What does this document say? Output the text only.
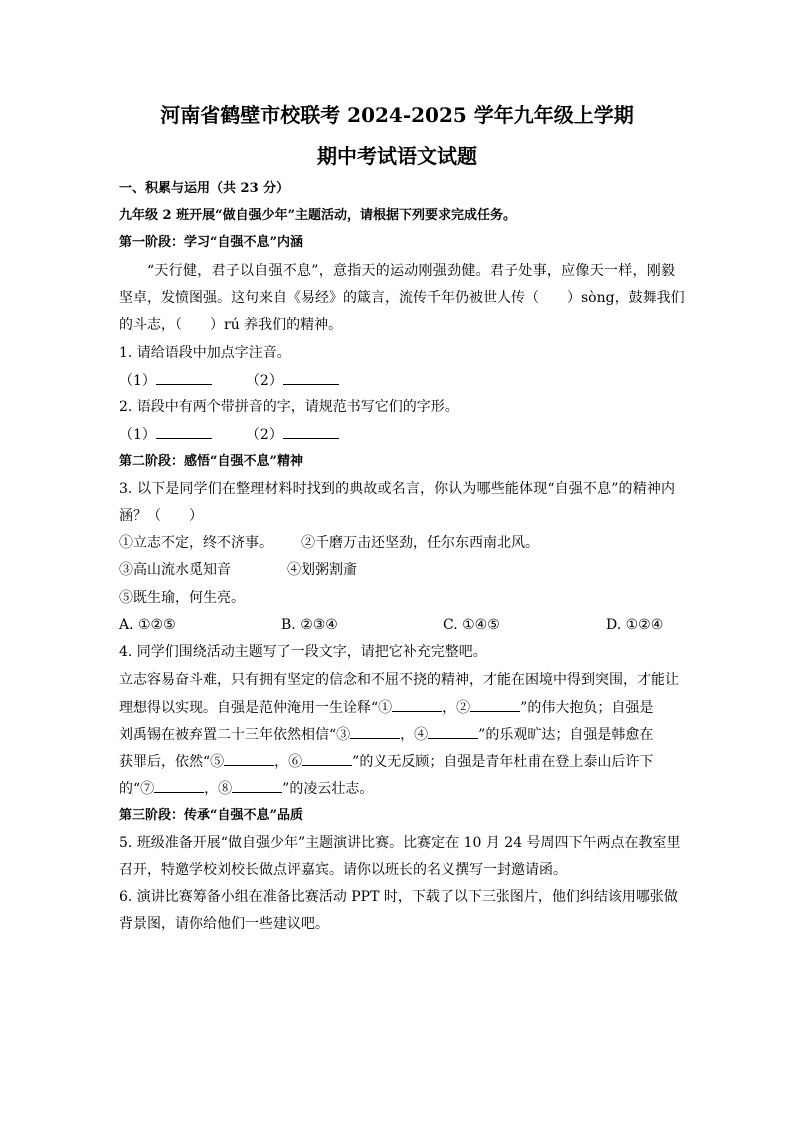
河南省鹤壁市校联考 2024-2025 学年九年级上学期
期中考试语文试题
一、积累与运用（共 23 分）
九年级 2 班开展“做自强少年”主题活动，请根据下列要求完成任务。
第一阶段：学习“自强不息”内涵
“天行健，君子以自强不息”，意指天的运动刚强劲健。君子处事，应像天一样，刚毅
坚卓，发愤图强。这句来自《易经》的箴言，流传千年仍被世人传（　　）sòng，鼓舞我们
的斗志，（　　）rú 养我们的精神。
1. 请给语段中加点字注音。
（1）	（2）
2. 语段中有两个带拼音的字，请规范书写它们的字形。
（1）	（2）
第二阶段：感悟“自强不息”精神
3. 以下是同学们在整理材料时找到的典故或名言，你认为哪些能体现“自强不息”的精神内
涵？（　　）
①立志不定，终不济事。 ②千磨万击还坚劲，任尔东西南北风。
③高山流水觅知音	④划粥割齑
⑤既生瑜，何生亮。
A. ①②⑤	B. ②③④	C. ①④⑤	D. ①②④
4. 同学们围绕活动主题写了一段文字，请把它补充完整吧。
立志容易奋斗难，只有拥有坚定的信念和不屈不挠的精神，才能在困境中得到突围，才能让
理想得以实现。自强是范仲淹用一生诠释“①	，②	”的伟大抱负；自强是
刘禹锡在被弃置二十三年依然相信“③	，④	”的乐观旷达；自强是韩愈在
获罪后，依然“⑤	，⑥	”的义无反顾；自强是青年杜甫在登上泰山后许下
的“⑦	，⑧	”的凌云壮志。
第三阶段：传承“自强不息”品质
5. 班级准备开展“做自强少年”主题演讲比赛。比赛定在 10 月 24 号周四下午两点在教室里
召开，特邀学校刘校长做点评嘉宾。请你以班长的名义撰写一封邀请函。
6. 演讲比赛筹备小组在准备比赛活动 PPT 时，下载了以下三张图片，他们纠结该用哪张做
背景图，请你给他们一些建议吧。
